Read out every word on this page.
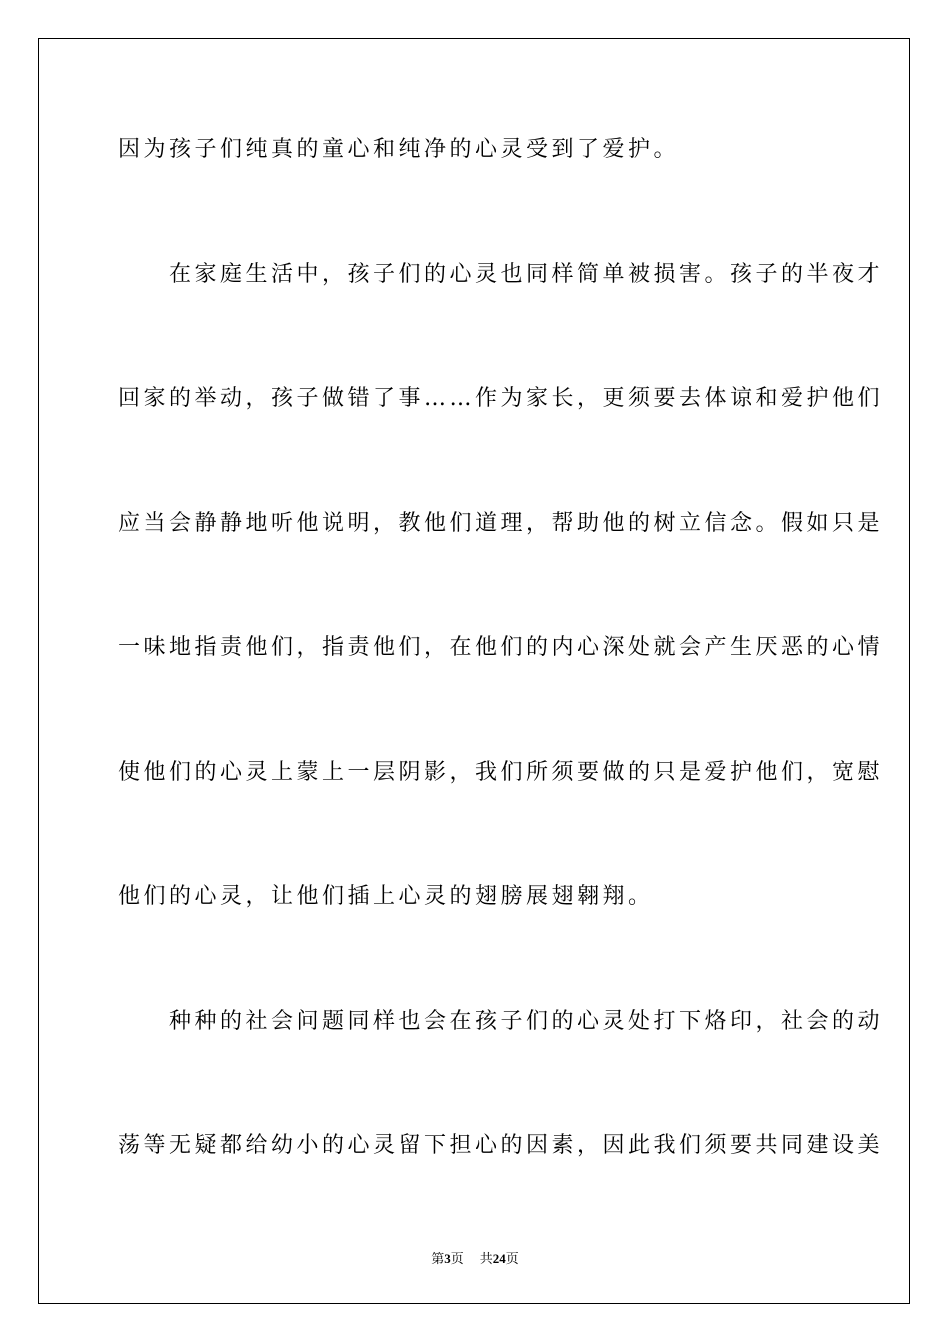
因为孩子们纯真的童心和纯净的心灵受到了爱护。
　　在家庭生活中，孩子们的心灵也同样简单被损害。孩子的半夜才
回家的举动，孩子做错了事……作为家长，更须要去体谅和爱护他们
应当会静静地听他说明，教他们道理，帮助他的树立信念。假如只是
一味地指责他们，指责他们，在他们的内心深处就会产生厌恶的心情
使他们的心灵上蒙上一层阴影，我们所须要做的只是爱护他们，宽慰
他们的心灵，让他们插上心灵的翅膀展翅翱翔。
　　种种的社会问题同样也会在孩子们的心灵处打下烙印，社会的动
荡等无疑都给幼小的心灵留下担心的因素，因此我们须要共同建设美
第3页 共24页
